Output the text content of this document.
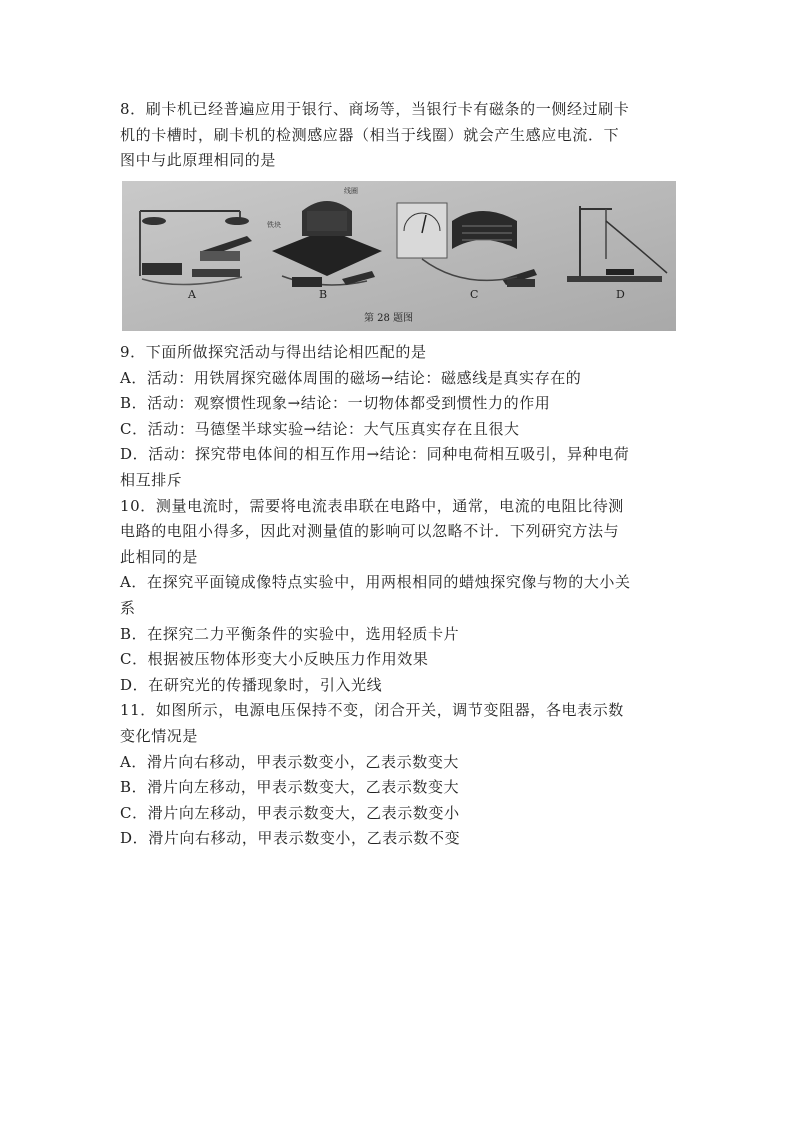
8．刷卡机已经普遍应用于银行、商场等，当银行卡有磁条的一侧经过刷卡
机的卡槽时，刷卡机的检测感应器（相当于线圈）就会产生感应电流．下
图中与此原理相同的是
铁块
线圈
A	B	C	D
第 28 题图
9．下面所做探究活动与得出结论相匹配的是
A．活动：用铁屑探究磁体周围的磁场→结论：磁感线是真实存在的
B．活动：观察惯性现象→结论：一切物体都受到惯性力的作用
C．活动：马德堡半球实验→结论：大气压真实存在且很大
D．活动：探究带电体间的相互作用→结论：同种电荷相互吸引，异种电荷
相互排斥
10．测量电流时，需要将电流表串联在电路中，通常，电流的电阻比待测
电路的电阻小得多，因此对测量值的影响可以忽略不计．下列研究方法与
此相同的是
A．在探究平面镜成像特点实验中，用两根相同的蜡烛探究像与物的大小关
系
B．在探究二力平衡条件的实验中，选用轻质卡片
C．根据被压物体形变大小反映压力作用效果
D．在研究光的传播现象时，引入光线
11．如图所示，电源电压保持不变，闭合开关，调节变阻器，各电表示数
变化情况是
A．滑片向右移动，甲表示数变小，乙表示数变大
B．滑片向左移动，甲表示数变大，乙表示数变大
C．滑片向左移动，甲表示数变大，乙表示数变小
D．滑片向右移动，甲表示数变小，乙表示数不变
